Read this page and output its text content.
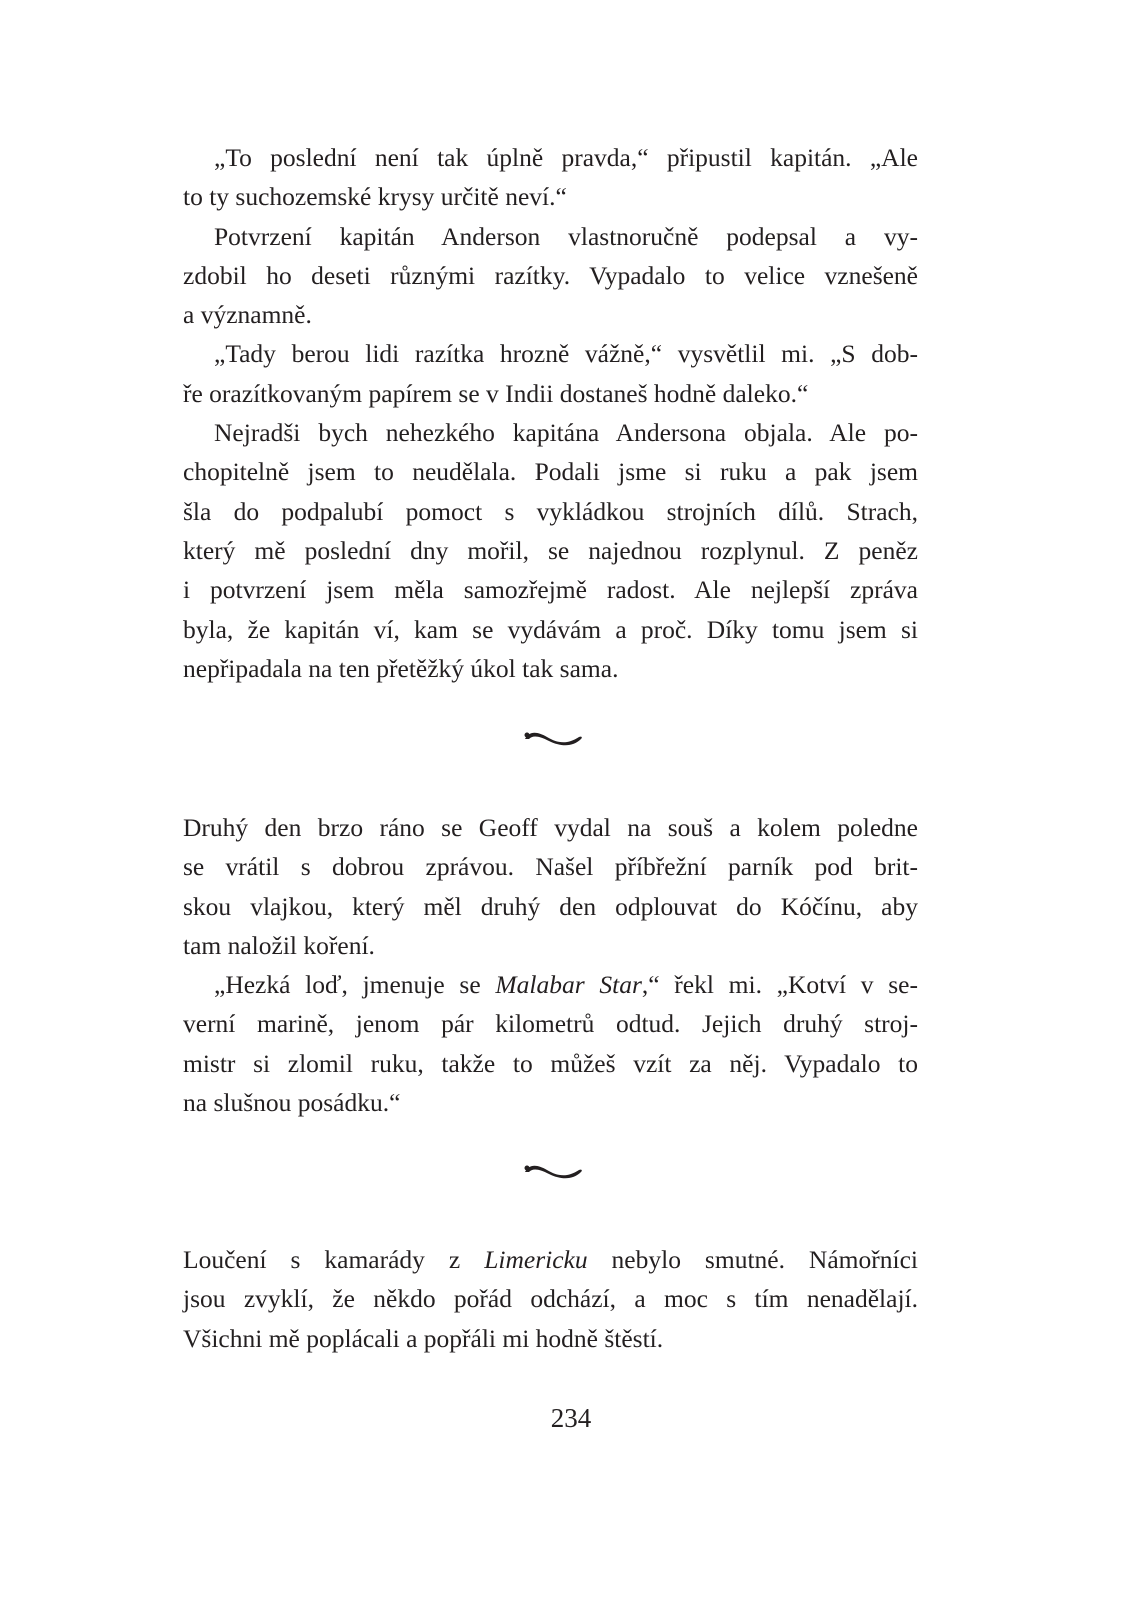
„To poslední není tak úplně pravda,“ připustil kapitán. „Ale
to ty suchozemské krysy určitě neví.“
Potvrzení kapitán Anderson vlastnoručně podepsal a vy-
zdobil ho deseti různými razítky. Vypadalo to velice vznešeně
a významně.
„Tady berou lidi razítka hrozně vážně,“ vysvětlil mi. „S dob-
ře orazítkovaným papírem se v Indii dostaneš hodně daleko.“
Nejradši bych nehezkého kapitána Andersona objala. Ale po-
chopitelně jsem to neudělala. Podali jsme si ruku a pak jsem
šla do podpalubí pomoct s vykládkou strojních dílů. Strach,
který mě poslední dny mořil, se najednou rozplynul. Z peněz
i potvrzení jsem měla samozřejmě radost. Ale nejlepší zpráva
byla, že kapitán ví, kam se vydávám a proč. Díky tomu jsem si
nepřipadala na ten přetěžký úkol tak sama.
Druhý den brzo ráno se Geoff vydal na souš a kolem poledne
se vrátil s dobrou zprávou. Našel příbřežní parník pod brit-
skou vlajkou, který měl druhý den odplouvat do Kóčínu, aby
tam naložil koření.
„Hezká loď, jmenuje se Malabar Star,“ řekl mi. „Kotví v se-
verní marině, jenom pár kilometrů odtud. Jejich druhý stroj-
mistr si zlomil ruku, takže to můžeš vzít za něj. Vypadalo to
na slušnou posádku.“
Loučení s kamarády z Limericku nebylo smutné. Námořníci
jsou zvyklí, že někdo pořád odchází, a moc s tím nenadělají.
Všichni mě poplácali a popřáli mi hodně štěstí.
234
